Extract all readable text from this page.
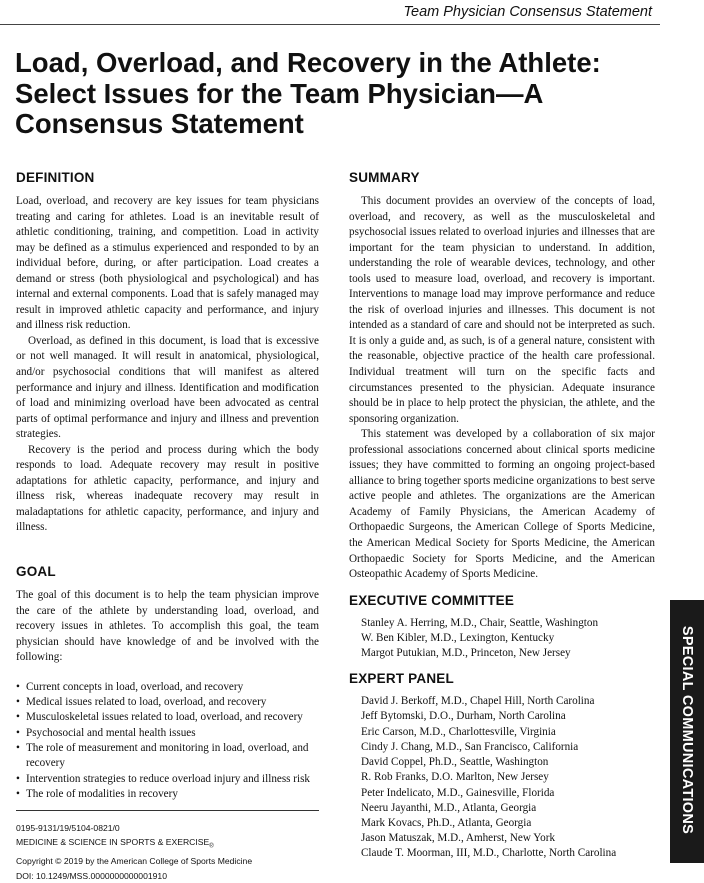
Team Physician Consensus Statement
Load, Overload, and Recovery in the Athlete: Select Issues for the Team Physician—A Consensus Statement
DEFINITION

Load, overload, and recovery are key issues for team physicians treating and caring for athletes. Load is an inevitable result of athletic conditioning, training, and competition. Load in activity may be defined as a stimulus experienced and responded to by an individual before, during, or after participation. Load creates a demand or stress (both physiological and psychological) and has internal and external components. Load that is safely managed may result in improved athletic capacity and performance, and injury and illness risk reduction.

Overload, as defined in this document, is load that is excessive or not well managed. It will result in anatomical, physiological, and/or psychosocial conditions that will manifest as altered performance and injury and illness. Identification and modification of load and minimizing overload have been advocated as central parts of optimal performance and injury and illness and prevention strategies.

Recovery is the period and process during which the body responds to load. Adequate recovery may result in positive adaptations for athletic capacity, performance, and injury and illness risk, whereas inadequate recovery may result in maladaptations for athletic capacity, performance, and injury and illness.

GOAL

The goal of this document is to help the team physician improve the care of the athlete by understanding load, overload, and recovery issues in athletes. To accomplish this goal, the team physician should have knowledge of and be involved with the following:

• Current concepts in load, overload, and recovery
• Medical issues related to load, overload, and recovery
• Musculoskeletal issues related to load, overload, and recovery
• Psychosocial and mental health issues
• The role of measurement and monitoring in load, overload, and recovery
• Intervention strategies to reduce overload injury and illness risk
• The role of modalities in recovery
0195-9131/19/5104-0821/0
MEDICINE & SCIENCE IN SPORTS & $EXERCISE_®$
Copyright © 2019 by the American College of Sports Medicine
DOI: 10.1249/MSS.0000000000001910
SUMMARY

This document provides an overview of the concepts of load, overload, and recovery, as well as the musculoskeletal and psychosocial issues related to overload injuries and illnesses that are important for the team physician to understand. In addition, understanding the role of wearable devices, technology, and other tools used to measure load, overload, and recovery is important. Interventions to manage load may improve performance and reduce the risk of overload injuries and illnesses. This document is not intended as a standard of care and should not be interpreted as such. It is only a guide and, as such, is of a general nature, consistent with the reasonable, objective practice of the health care professional. Individual treatment will turn on the specific facts and circumstances presented to the physician. Adequate insurance should be in place to help protect the physician, the athlete, and the sponsoring organization.

This statement was developed by a collaboration of six major professional associations concerned about clinical sports medicine issues; they have committed to forming an ongoing project-based alliance to bring together sports medicine organizations to best serve active people and athletes. The organizations are the American Academy of Family Physicians, the American Academy of Orthopaedic Surgeons, the American College of Sports Medicine, the American Medical Society for Sports Medicine, the American Orthopaedic Society for Sports Medicine, and the American Osteopathic Academy of Sports Medicine.

EXECUTIVE COMMITTEE
Stanley A. Herring, M.D., Chair, Seattle, Washington
W. Ben Kibler, M.D., Lexington, Kentucky
Margot Putukian, M.D., Princeton, New Jersey
EXPERT PANEL
David J. Berkoff, M.D., Chapel Hill, North Carolina
Jeff Bytomski, D.O., Durham, North Carolina
Eric Carson, M.D., Charlottesville, Virginia
Cindy J. Chang, M.D., San Francisco, California
David Coppel, Ph.D., Seattle, Washington
R. Rob Franks, D.O. Marlton, New Jersey
Peter Indelicato, M.D., Gainesville, Florida
Neeru Jayanthi, M.D., Atlanta, Georgia
Mark Kovacs, Ph.D., Atlanta, Georgia
Jason Matuszak, M.D., Amherst, New York
Claude T. Moorman, III, M.D., Charlotte, North Carolina
SPECIAL COMMUNICATIONS
